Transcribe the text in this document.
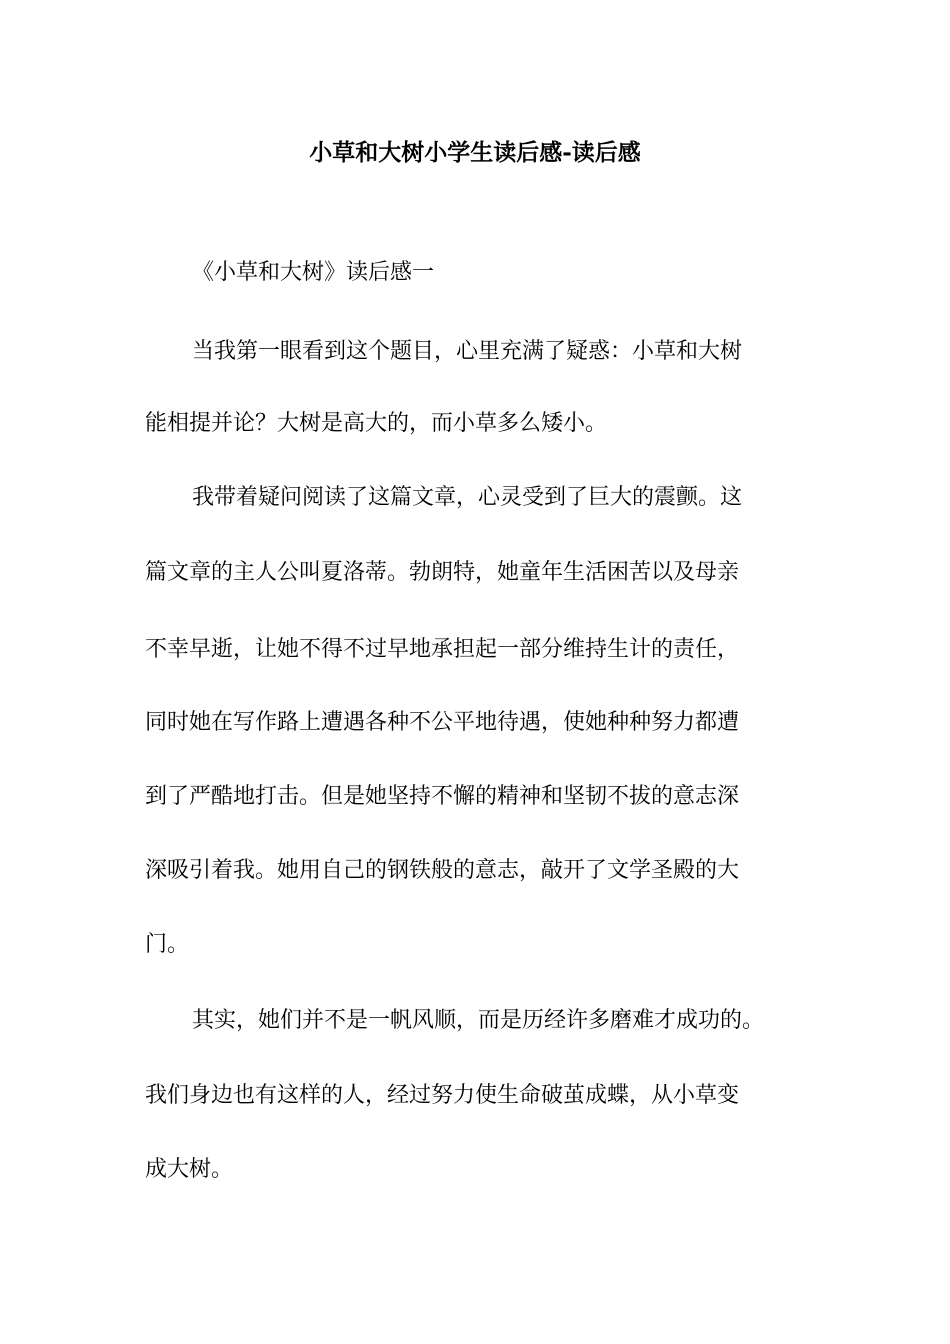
小草和大树小学生读后感-读后感

《小草和大树》读后感一

当我第一眼看到这个题目，心里充满了疑惑：小草和大树

能相提并论？大树是高大的，而小草多么矮小。

我带着疑问阅读了这篇文章，心灵受到了巨大的震颤。这

篇文章的主人公叫夏洛蒂。勃朗特，她童年生活困苦以及母亲

不幸早逝，让她不得不过早地承担起一部分维持生计的责任，

同时她在写作路上遭遇各种不公平地待遇，使她种种努力都遭

到了严酷地打击。但是她坚持不懈的精神和坚韧不拔的意志深

深吸引着我。她用自己的钢铁般的意志，敲开了文学圣殿的大

门。

其实，她们并不是一帆风顺，而是历经许多磨难才成功的。

我们身边也有这样的人，经过努力使生命破茧成蝶，从小草变

成大树。
